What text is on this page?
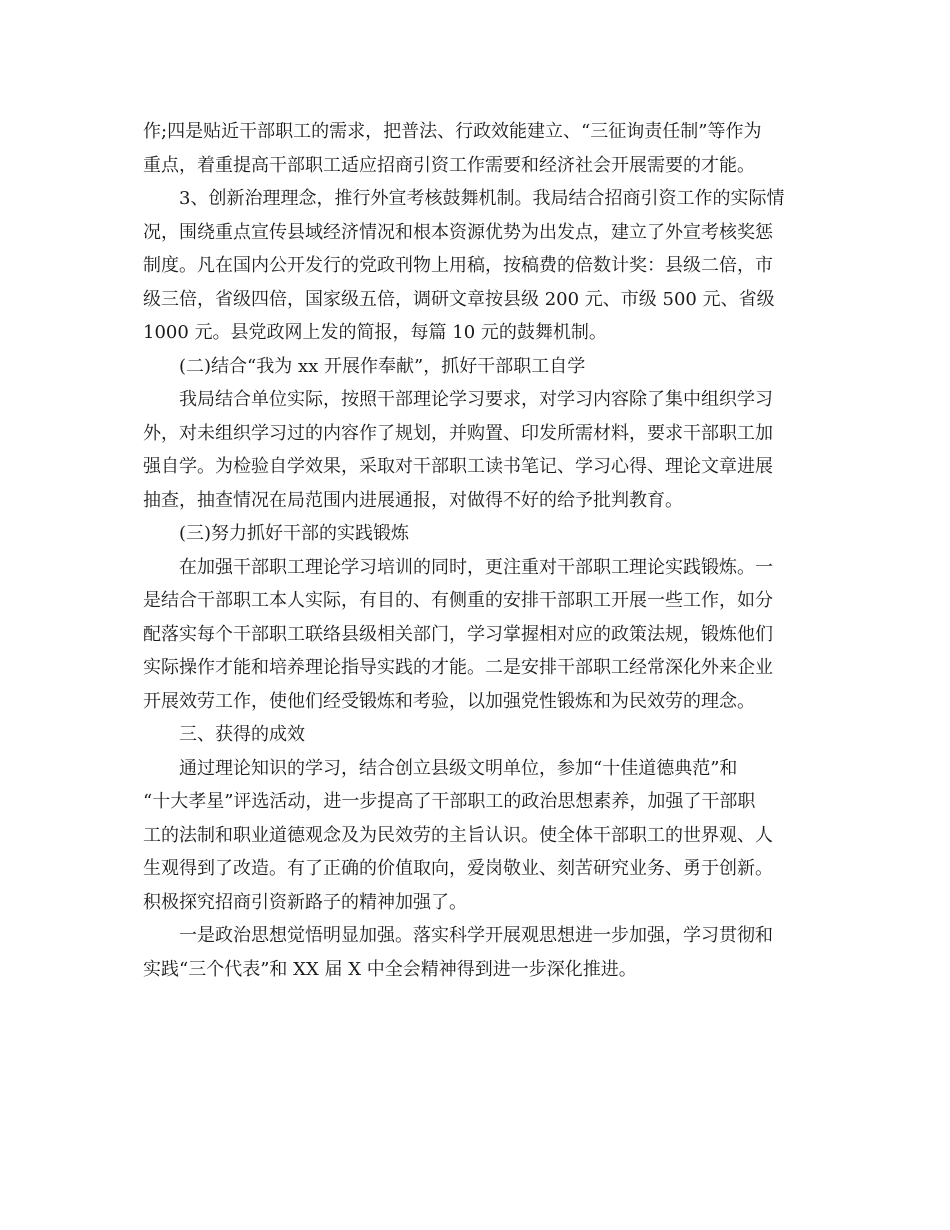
作;四是贴近干部职工的需求，把普法、行政效能建立、“三征询责任制”等作为
重点，着重提高干部职工适应招商引资工作需要和经济社会开展需要的才能。

3、创新治理理念，推行外宣考核鼓舞机制。我局结合招商引资工作的实际情
况，围绕重点宣传县域经济情况和根本资源优势为出发点，建立了外宣考核奖惩
制度。凡在国内公开发行的党政刊物上用稿，按稿费的倍数计奖：县级二倍，市
级三倍，省级四倍，国家级五倍，调研文章按县级 200 元、市级 500 元、省级
1000 元。县党政网上发的简报，每篇 10 元的鼓舞机制。

(二)结合“我为 xx 开展作奉献”，抓好干部职工自学

我局结合单位实际，按照干部理论学习要求，对学习内容除了集中组织学习
外，对未组织学习过的内容作了规划，并购置、印发所需材料，要求干部职工加
强自学。为检验自学效果，采取对干部职工读书笔记、学习心得、理论文章进展
抽查，抽查情况在局范围内进展通报，对做得不好的给予批判教育。

(三)努力抓好干部的实践锻炼

在加强干部职工理论学习培训的同时，更注重对干部职工理论实践锻炼。一
是结合干部职工本人实际，有目的、有侧重的安排干部职工开展一些工作，如分
配落实每个干部职工联络县级相关部门，学习掌握相对应的政策法规，锻炼他们
实际操作才能和培养理论指导实践的才能。二是安排干部职工经常深化外来企业
开展效劳工作，使他们经受锻炼和考验，以加强党性锻炼和为民效劳的理念。

三、获得的成效

通过理论知识的学习，结合创立县级文明单位，参加“十佳道德典范”和
“十大孝星”评选活动，进一步提高了干部职工的政治思想素养，加强了干部职
工的法制和职业道德观念及为民效劳的主旨认识。使全体干部职工的世界观、人
生观得到了改造。有了正确的价值取向，爱岗敬业、刻苦研究业务、勇于创新。
积极探究招商引资新路子的精神加强了。

一是政治思想觉悟明显加强。落实科学开展观思想进一步加强，学习贯彻和
实践“三个代表”和 XX 届 X 中全会精神得到进一步深化推进。
